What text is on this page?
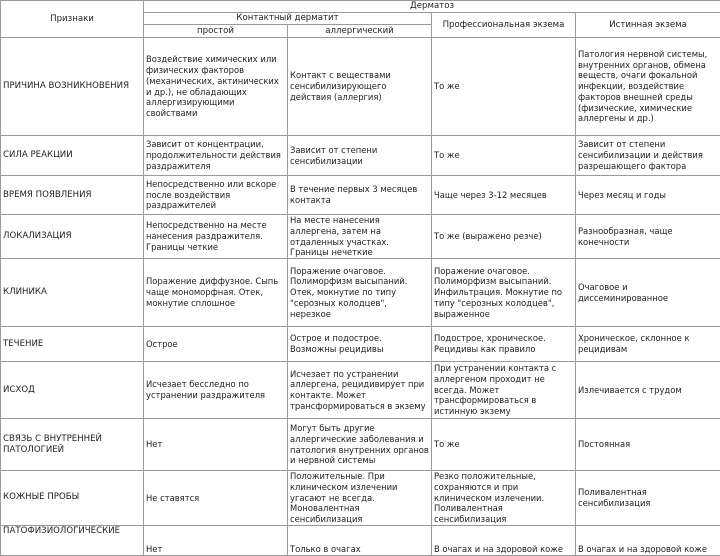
Признаки	Дерматоз			
	Контактный дерматит		Профессиональная экзема	Истинная экзема
	простой	аллергический		
ПРИЧИНА ВОЗНИКНОВЕНИЯ	Воздействие химических или физических факторов (механических, актинических и др.), не обладающих аллергизирующими свойствами	Контакт с веществами сенсибилизирующего действия (аллергия)	То же	Патология нервной системы, внутренних органов, обмена веществ, очаги фокальной инфекции, воздействие факторов внешней среды (физические, химические аллергены и др.)
СИЛА РЕАКЦИИ	Зависит от концентрации, продолжительности действия раздражителя	Зависит от степени сенсибилизации	То же	Зависит от степени сенсибилизации и действия разрешающего фактора
ВРЕМЯ ПОЯВЛЕНИЯ	Непосредственно или вскоре после воздействия раздражителей	В течение первых 3 месяцев контакта	Чаще через 3-12 месяцев	Через месяц и годы
ЛОКАЛИЗАЦИЯ	Непосредственно на месте нанесения раздражителя. Границы четкие	На месте нанесения аллергена, затем на отдаленных участках. Границы нечеткие	То же (выражено резче)	Разнообразная, чаще конечности
КЛИНИКА	Поражение диффузное. Сыпь чаще мономорфная. Отек, мокнутие сплошное	Поражение очаговое. Полиморфизм высыпаний. Отек, мокнутие по типу "серозных колодцев", нерезкое	Поражение очаговое. Полиморфизм высыпаний. Инфильтрация. Мокнутие по типу "серозных колодцев", выраженное	Очаговое и диссеминированное
ТЕЧЕНИЕ	Острое	Острое и подострое. Возможны рецидивы	Подострое, хроническое. Рецидивы как правило	Хроническое, склонное к рецидивам
ИСХОД	Исчезает бесследно по устранении раздражителя	Исчезает по устранении аллергена, рецидивирует при контакте. Может трансформироваться в экзему	При устранении контакта с аллергеном проходит не всегда. Может трансформироваться в истинную экзему	Излечивается с трудом
СВЯЗЬ С ВНУТРЕННЕЙ ПАТОЛОГИЕЙ	Нет	Могут быть другие аллергические заболевания и патология внутренних органов и нервной системы	То же	Постоянная
КОЖНЫЕ ПРОБЫ	Не ставятся	Положительные. При клиническом излечении угасают не всегда. Моновалентная сенсибилизация	Резко положительные, сохраняются и при клиническом излечении. Поливалентная сенсибилизация	Поливалентная сенсибилизация
ПАТОФИЗИОЛОГИЧЕСКИЕ	Нет	Только в очагах	В очагах и на здоровой коже	В очагах и на здоровой коже
